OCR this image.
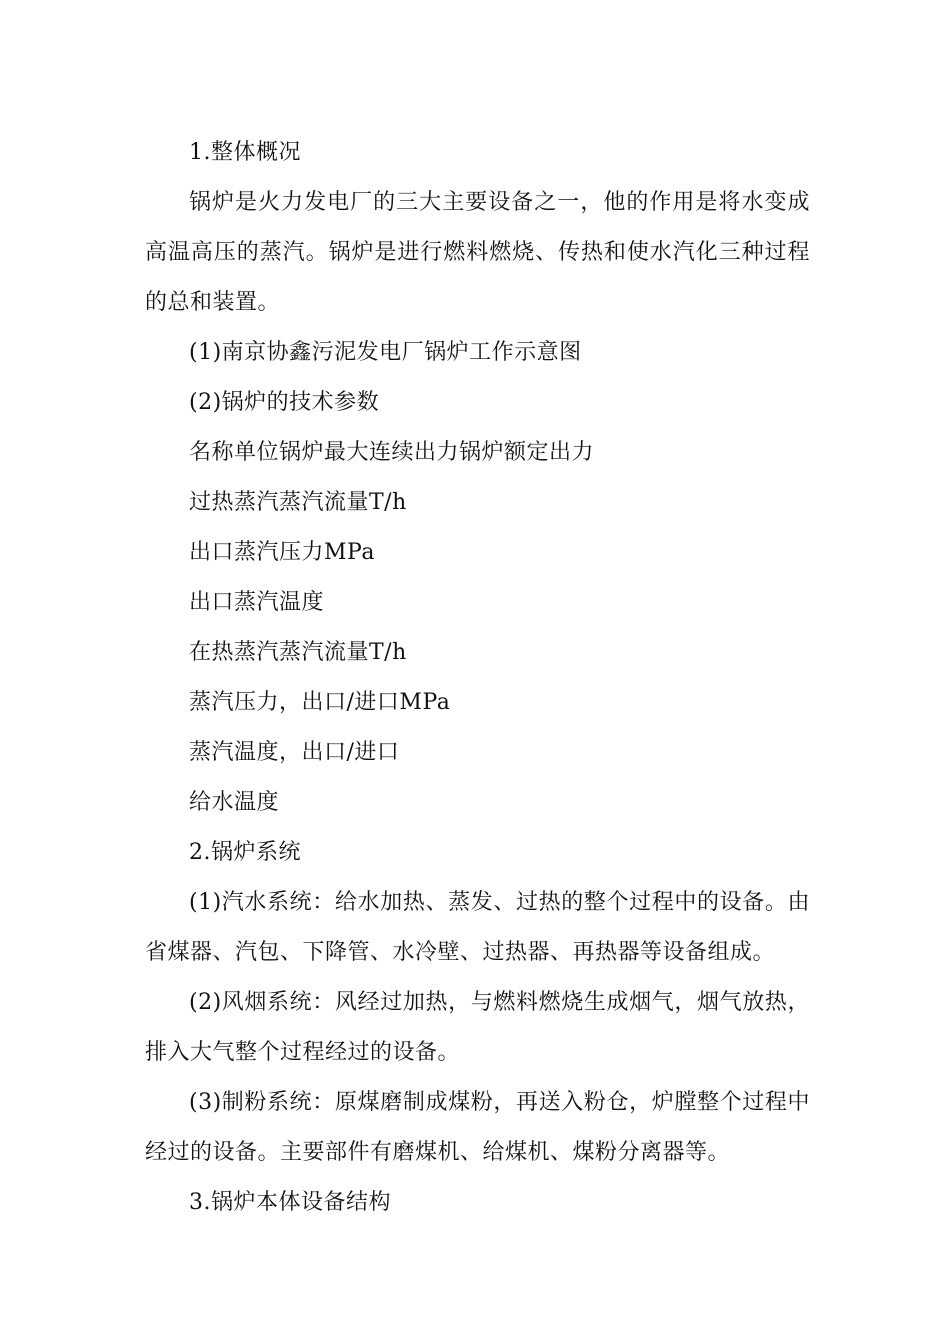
1.整体概况

锅炉是火力发电厂的三大主要设备之一，他的作用是将水变成高温高压的蒸汽。锅炉是进行燃料燃烧、传热和使水汽化三种过程的总和装置。

(1)南京协鑫污泥发电厂锅炉工作示意图

(2)锅炉的技术参数

名称单位锅炉最大连续出力锅炉额定出力

过热蒸汽蒸汽流量T/h

出口蒸汽压力MPa

出口蒸汽温度

在热蒸汽蒸汽流量T/h

蒸汽压力，出口/进口MPa

蒸汽温度，出口/进口

给水温度

2.锅炉系统

(1)汽水系统：给水加热、蒸发、过热的整个过程中的设备。由省煤器、汽包、下降管、水冷壁、过热器、再热器等设备组成。

(2)风烟系统：风经过加热，与燃料燃烧生成烟气，烟气放热，排入大气整个过程经过的设备。

(3)制粉系统：原煤磨制成煤粉，再送入粉仓，炉膛整个过程中经过的设备。主要部件有磨煤机、给煤机、煤粉分离器等。

3.锅炉本体设备结构
